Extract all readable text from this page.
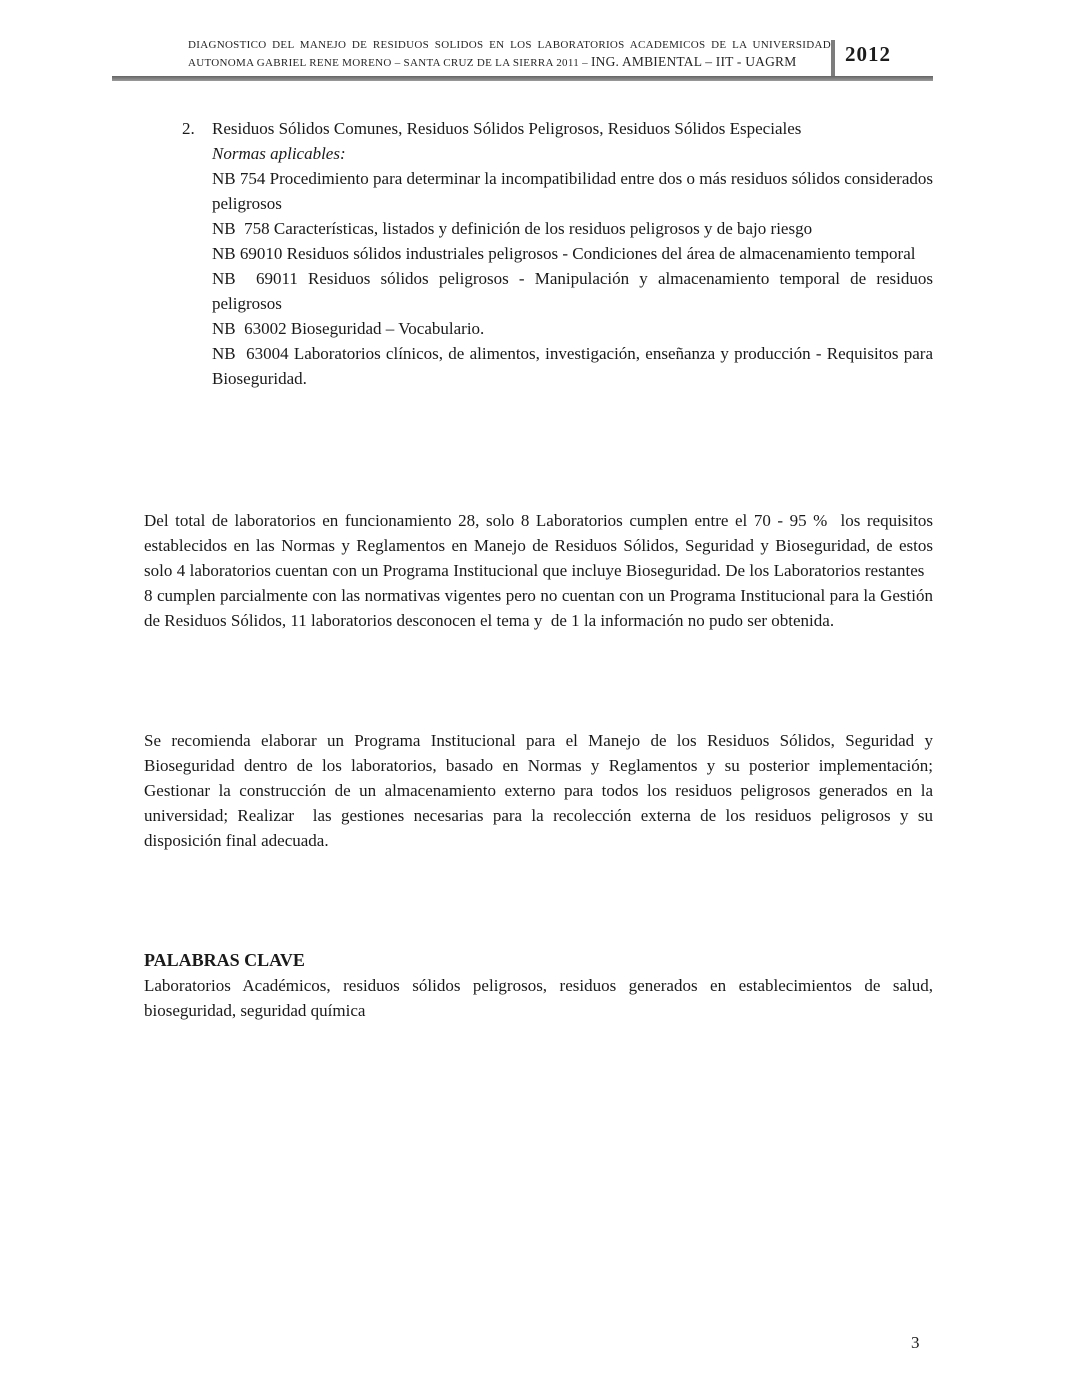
DIAGNOSTICO DEL MANEJO DE RESIDUOS SOLIDOS EN LOS LABORATORIOS ACADEMICOS DE LA UNIVERSIDAD AUTONOMA GABRIEL RENE MORENO – SANTA CRUZ DE LA SIERRA 2011 – ING. AMBIENTAL – IIT - UAGRM	2012
2.	Residuos Sólidos Comunes, Residuos Sólidos Peligrosos, Residuos Sólidos Especiales
Normas aplicables:
NB 754 Procedimiento para determinar la incompatibilidad entre dos o más residuos sólidos considerados peligrosos
NB  758 Características, listados y definición de los residuos peligrosos y de bajo riesgo
NB 69010 Residuos sólidos industriales peligrosos - Condiciones del área de almacenamiento temporal
NB  69011 Residuos sólidos peligrosos - Manipulación y almacenamiento temporal de residuos peligrosos
NB  63002 Bioseguridad – Vocabulario.
NB  63004 Laboratorios clínicos, de alimentos, investigación, enseñanza y producción - Requisitos para Bioseguridad.
Del total de laboratorios en funcionamiento 28, solo 8 Laboratorios cumplen entre el 70 - 95 %  los requisitos establecidos en las Normas y Reglamentos en Manejo de Residuos Sólidos, Seguridad y Bioseguridad, de estos solo 4 laboratorios cuentan con un Programa Institucional que incluye Bioseguridad. De los Laboratorios restantes   8 cumplen parcialmente con las normativas vigentes pero no cuentan con un Programa Institucional para la Gestión de Residuos Sólidos, 11 laboratorios desconocen el tema y  de 1 la información no pudo ser obtenida.
Se recomienda elaborar un Programa Institucional para el Manejo de los Residuos Sólidos, Seguridad y Bioseguridad dentro de los laboratorios, basado en Normas y Reglamentos y su posterior implementación; Gestionar la construcción de un almacenamiento externo para todos los residuos peligrosos generados en la universidad; Realizar  las gestiones necesarias para la recolección externa de los residuos peligrosos y su disposición final adecuada.
PALABRAS CLAVE
Laboratorios Académicos, residuos sólidos peligrosos, residuos generados en establecimientos de salud, bioseguridad, seguridad química
3
